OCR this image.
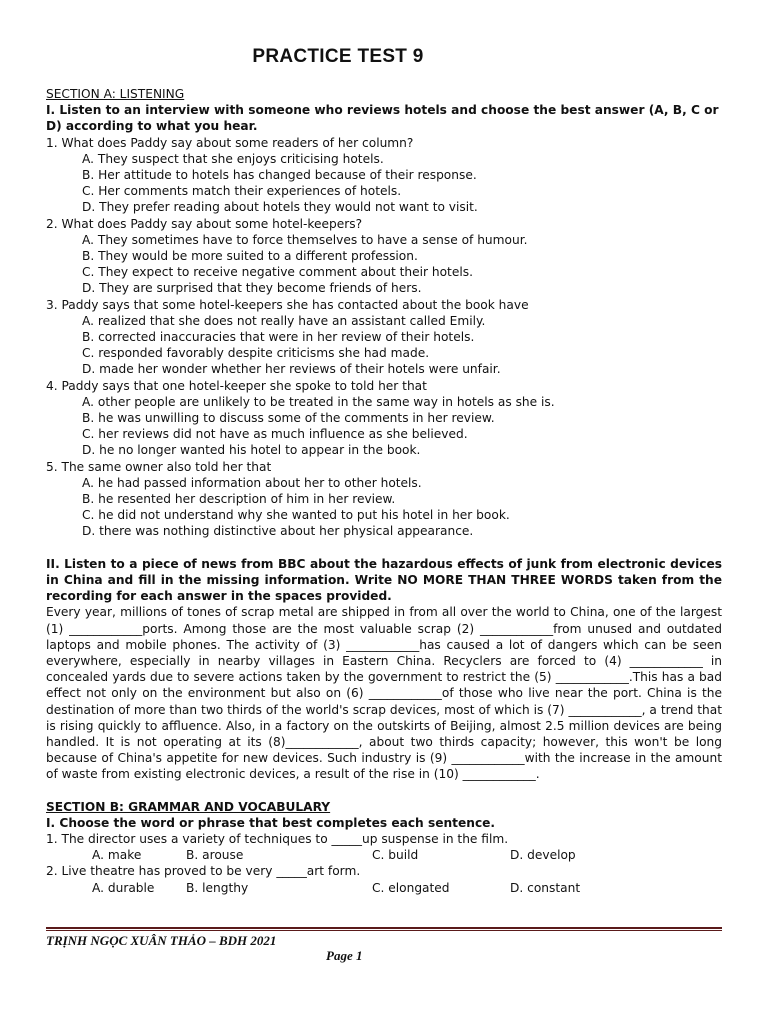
PRACTICE TEST 9
SECTION A: LISTENING
I. Listen to an interview with someone who reviews hotels and choose the best answer (A, B, C or D) according to what you hear.

1. What does Paddy say about some readers of her column?

A. They suspect that she enjoys criticising hotels.

B. Her attitude to hotels has changed because of their response.

C. Her comments match their experiences of hotels.

D. They prefer reading about hotels they would not want to visit.

2. What does Paddy say about some hotel-keepers?

A. They sometimes have to force themselves to have a sense of humour.

B. They would be more suited to a different profession.

C. They expect to receive negative comment about their hotels.

D. They are surprised that they become friends of hers.

3. Paddy says that some hotel-keepers she has contacted about the book have

A. realized that she does not really have an assistant called Emily.

B. corrected inaccuracies that were in her review of their hotels.

C. responded favorably despite criticisms she had made.

D. made her wonder whether her reviews of their hotels were unfair.

4. Paddy says that one hotel-keeper she spoke to told her that

A. other people are unlikely to be treated in the same way in hotels as she is.

B. he was unwilling to discuss some of the comments in her review.

C. her reviews did not have as much influence as she believed.

D. he no longer wanted his hotel to appear in the book.

5. The same owner also told her that

A. he had passed information about her to other hotels.

B. he resented her description of him in her review.

C. he did not understand why she wanted to put his hotel in her book.

D. there was nothing distinctive about her physical appearance.

II. Listen to a piece of news from BBC about the hazardous effects of junk from electronic devices in China and fill in the missing information. Write NO MORE THAN THREE WORDS taken from the recording for each answer in the spaces provided.
Every year, millions of tones of scrap metal are shipped in from all over the world to China, one of the largest (1) ____________ports. Among those are the most valuable scrap (2) ____________from unused and outdated laptops and mobile phones. The activity of (3) ____________has caused a lot of dangers which can be seen everywhere, especially in nearby villages in Eastern China. Recyclers are forced to (4) ____________ in concealed yards due to severe actions taken by the government to restrict the (5) ____________.This has a bad effect not only on the environment but also on (6) ____________of those who live near the port. China is the destination of more than two thirds of the world's scrap devices, most of which is (7) ____________, a trend that is rising quickly to affluence. Also, in a factory on the outskirts of Beijing, almost 2.5 million devices are being handled. It is not operating at its (8)____________, about two thirds capacity; however, this won't be long because of China's appetite for new devices. Such industry is (9) ____________with the increase in the amount of waste from existing electronic devices, a result of the rise in (10) ____________.
SECTION B: GRAMMAR AND VOCABULARY
I. Choose the word or phrase that best completes each sentence.

1. The director uses a variety of techniques to _____up suspense in the film.

A. make	B. arouse	C. build	D. develop

2. Live theatre has proved to be very _____art form.

A. durable	B. lengthy	C. elongated	D. constant
TRỊNH NGỌC XUÂN THẢO – BDH 2021
Page 1
